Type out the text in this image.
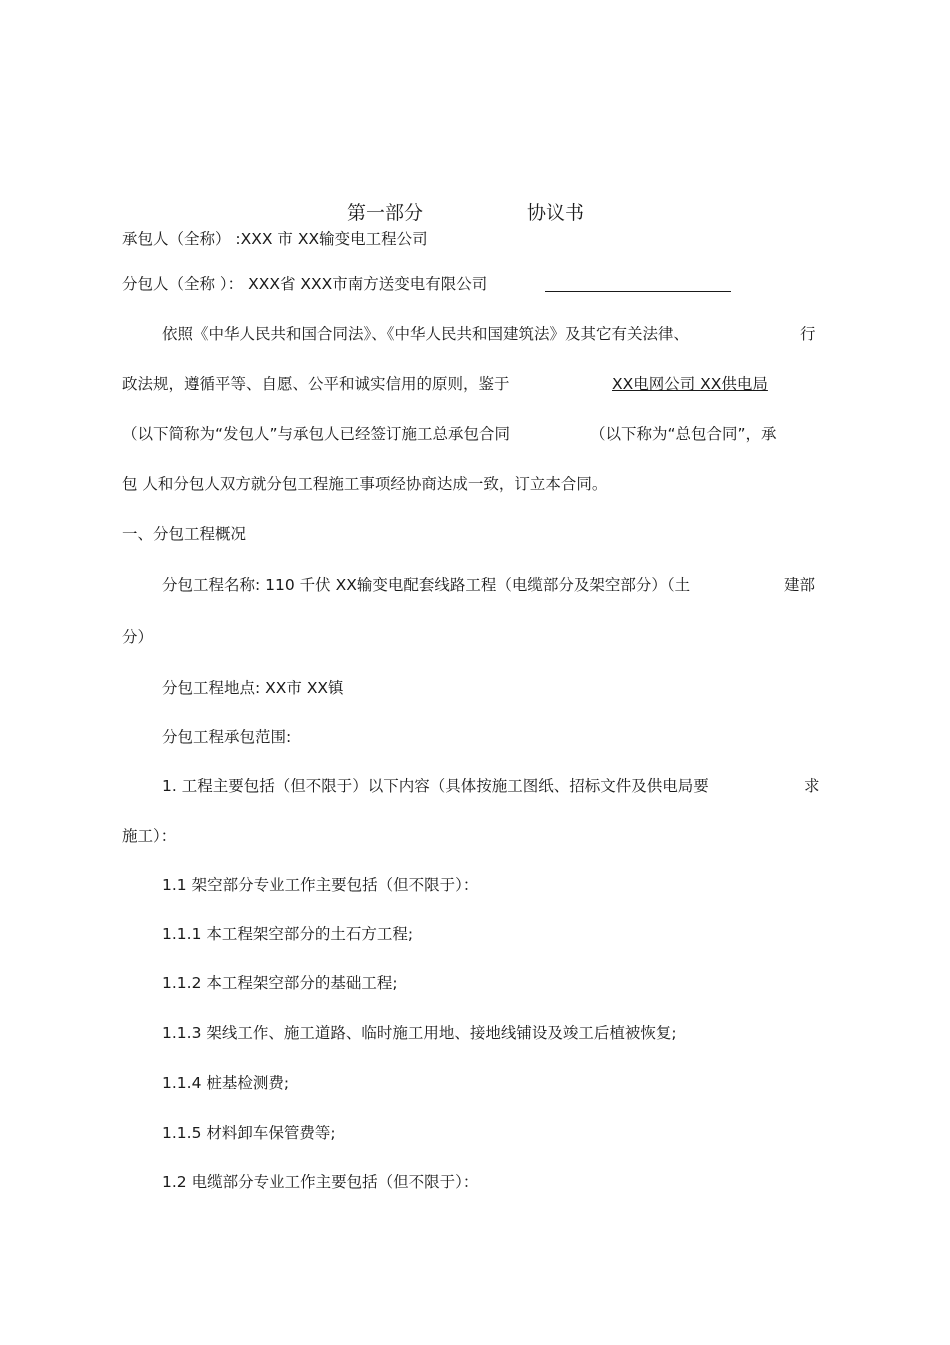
第一部分	协议书
承包人（全称） :XXX 市 XX输变电工程公司
分包人（全称 ）： XXX省 XXX市南方送变电有限公司
依照《中华人民共和国合同法》、《中华人民共和国建筑法》及其它有关法律、	行
政法规，遵循平等、自愿、公平和诚实信用的原则，鉴于	XX电网公司 XX供电局
（以下简称为“发包人”与承包人已经签订施工总承包合同	（以下称为“总包合同”，承
包 人和分包人双方就分包工程施工事项经协商达成一致，订立本合同。
一、分包工程概况
分包工程名称: 110 千伏 XX输变电配套线路工程（电缆部分及架空部分）（土	建部
分）
分包工程地点: XX市 XX镇
分包工程承包范围:
1. 工程主要包括（但不限于）以下内容（具体按施工图纸、招标文件及供电局要	求
施工）：
1.1 架空部分专业工作主要包括（但不限于）：
1.1.1 本工程架空部分的土石方工程;
1.1.2 本工程架空部分的基础工程;
1.1.3 架线工作、施工道路、临时施工用地、接地线铺设及竣工后植被恢复;
1.1.4 桩基检测费;
1.1.5 材料卸车保管费等;
1.2 电缆部分专业工作主要包括（但不限于）：
